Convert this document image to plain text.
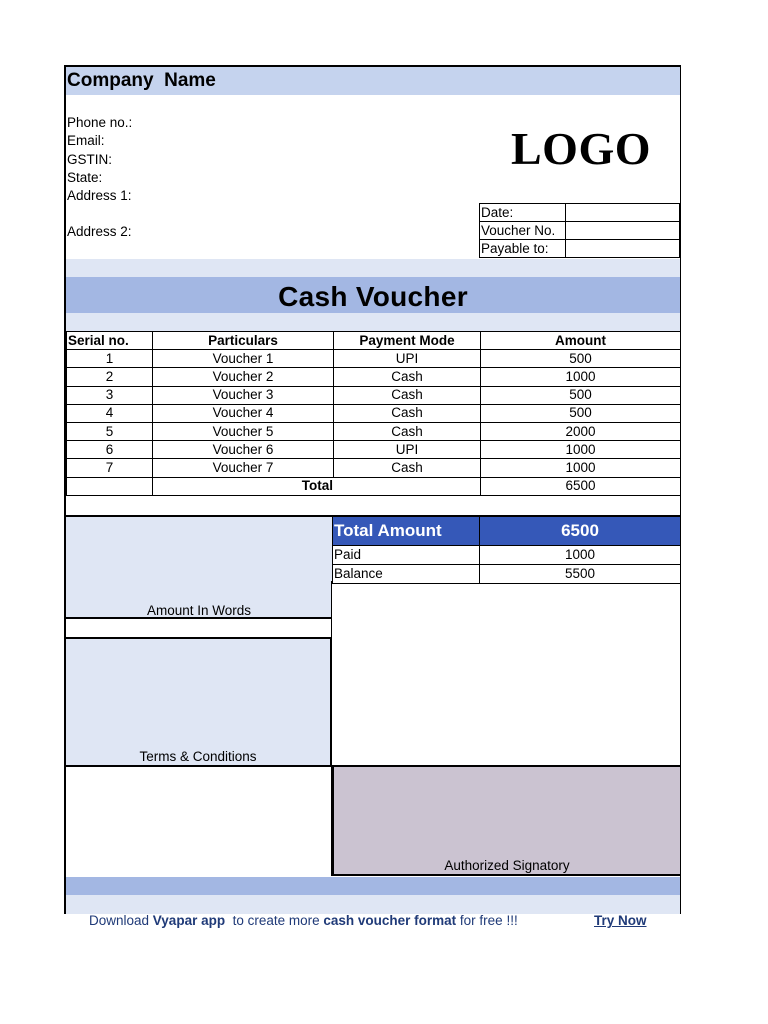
Company  Name
Phone no.:
Email:
GSTIN:
State:
Address 1:
Address 2:
LOGO
Date:	
Voucher No.	
Payable to:	
Cash Voucher
Serial no.	Particulars	Payment Mode	Amount
1	Voucher 1	UPI	500
2	Voucher 2	Cash	1000
3	Voucher 3	Cash	500
4	Voucher 4	Cash	500
5	Voucher 5	Cash	2000
6	Voucher 6	UPI	1000
7	Voucher 7	Cash	1000
	Total		6500
Amount In Words
Total Amount	6500
Paid	1000
Balance	5500
Terms & Conditions
Authorized Signatory
Download Vyapar app  to create more cash voucher format for free !!!	Try Now
